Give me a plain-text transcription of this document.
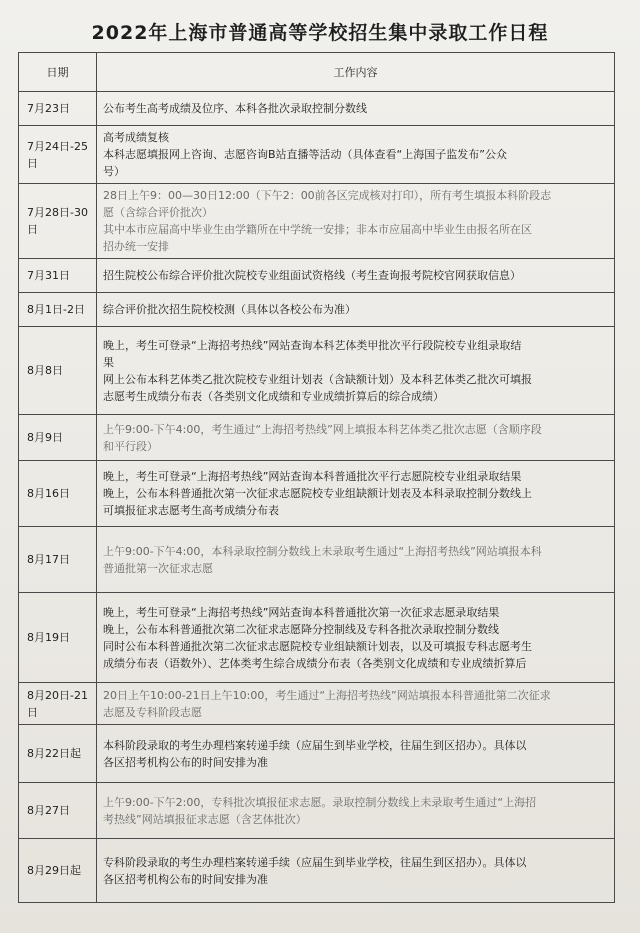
2022年上海市普通高等学校招生集中录取工作日程
日期	工作内容
7月23日	公布考生高考成绩及位序、本科各批次录取控制分数线

7月24日-25日	高考成绩复核
本科志愿填报网上咨询、志愿咨询B站直播等活动（具体查看“上海国子监发布”公众
号）

7月28日-30日	28日上午9：00—30日12:00（下午2：00前各区完成核对打印），所有考生填报本科阶段志
愿（含综合评价批次）
其中本市应届高中毕业生由学籍所在中学统一安排；非本市应届高中毕业生由报名所在区
招办统一安排

7月31日	招生院校公布综合评价批次院校专业组面试资格线（考生查询报考院校官网获取信息）

8月1日-2日	综合评价批次招生院校校测（具体以各校公布为准）

8月8日	晚上，考生可登录“上海招考热线”网站查询本科艺体类甲批次平行段院校专业组录取结
果
网上公布本科艺体类乙批次院校专业组计划表（含缺额计划）及本科艺体类乙批次可填报
志愿考生成绩分布表（各类别文化成绩和专业成绩折算后的综合成绩）

8月9日	上午9:00-下午4:00，考生通过“上海招考热线”网上填报本科艺体类乙批次志愿（含顺序段
和平行段）

8月16日	晚上，考生可登录“上海招考热线”网站查询本科普通批次平行志愿院校专业组录取结果
晚上，公布本科普通批次第一次征求志愿院校专业组缺额计划表及本科录取控制分数线上
可填报征求志愿考生高考成绩分布表

8月17日	上午9:00-下午4:00，本科录取控制分数线上未录取考生通过“上海招考热线”网站填报本科
普通批第一次征求志愿

8月19日	晚上，考生可登录“上海招考热线”网站查询本科普通批次第一次征求志愿录取结果
晚上，公布本科普通批次第二次征求志愿降分控制线及专科各批次录取控制分数线
同时公布本科普通批次第二次征求志愿院校专业组缺额计划表，以及可填报专科志愿考生
成绩分布表（语数外）、艺体类考生综合成绩分布表（各类别文化成绩和专业成绩折算后

8月20日-21日	20日上午10:00-21日上午10:00，考生通过“上海招考热线”网站填报本科普通批第二次征求
志愿及专科阶段志愿

8月22日起	本科阶段录取的考生办理档案转递手续（应届生到毕业学校，往届生到区招办）。具体以
各区招考机构公布的时间安排为准

8月27日	上午9:00-下午2:00，专科批次填报征求志愿。录取控制分数线上未录取考生通过“上海招
考热线”网站填报征求志愿（含艺体批次）

8月29日起	专科阶段录取的考生办理档案转递手续（应届生到毕业学校，往届生到区招办）。具体以
各区招考机构公布的时间安排为准
